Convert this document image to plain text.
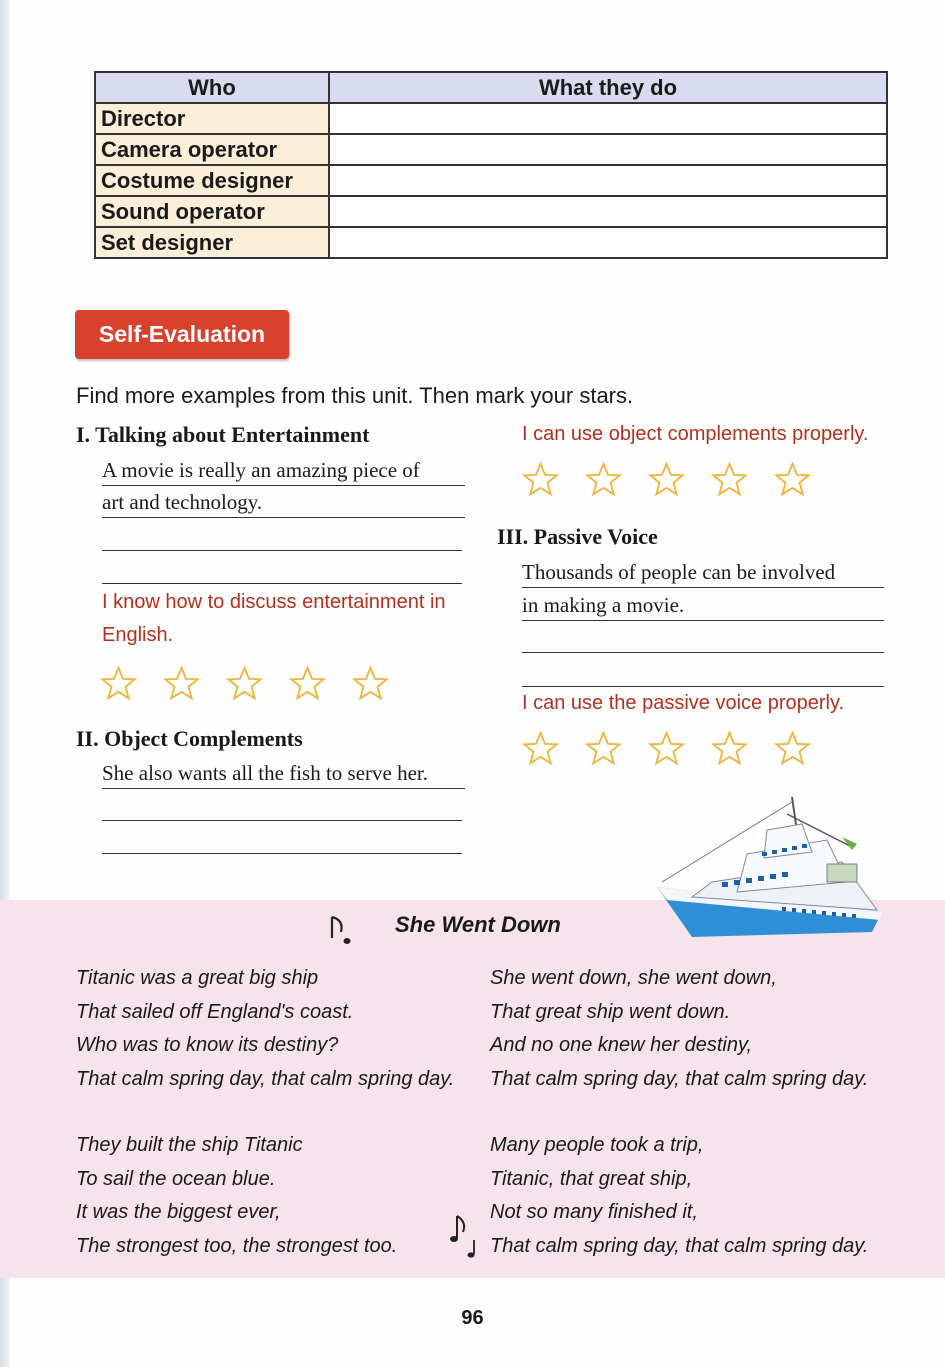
Who	What they do
Director	
Camera operator	
Costume designer	
Sound operator	
Set designer	
Self-Evaluation
Find more examples from this unit. Then mark your stars.
I. Talking about Entertainment
A movie is really an amazing piece of
art and technology.
I know how to discuss entertainment in
English.
II. Object Complements
She also wants all the fish to serve her.
I can use object complements properly.
III. Passive Voice
Thousands of people can be involved
in making a movie.
I can use the passive voice properly.
She Went Down
Titanic was a great big ship
That sailed off England's coast.
Who was to know its destiny?
That calm spring day, that calm spring day.
They built the ship Titanic
To sail the ocean blue.
It was the biggest ever,
The strongest too, the strongest too.
She went down, she went down,
That great ship went down.
And no one knew her destiny,
That calm spring day, that calm spring day.
Many people took a trip,
Titanic, that great ship,
Not so many finished it,
That calm spring day, that calm spring day.
96
